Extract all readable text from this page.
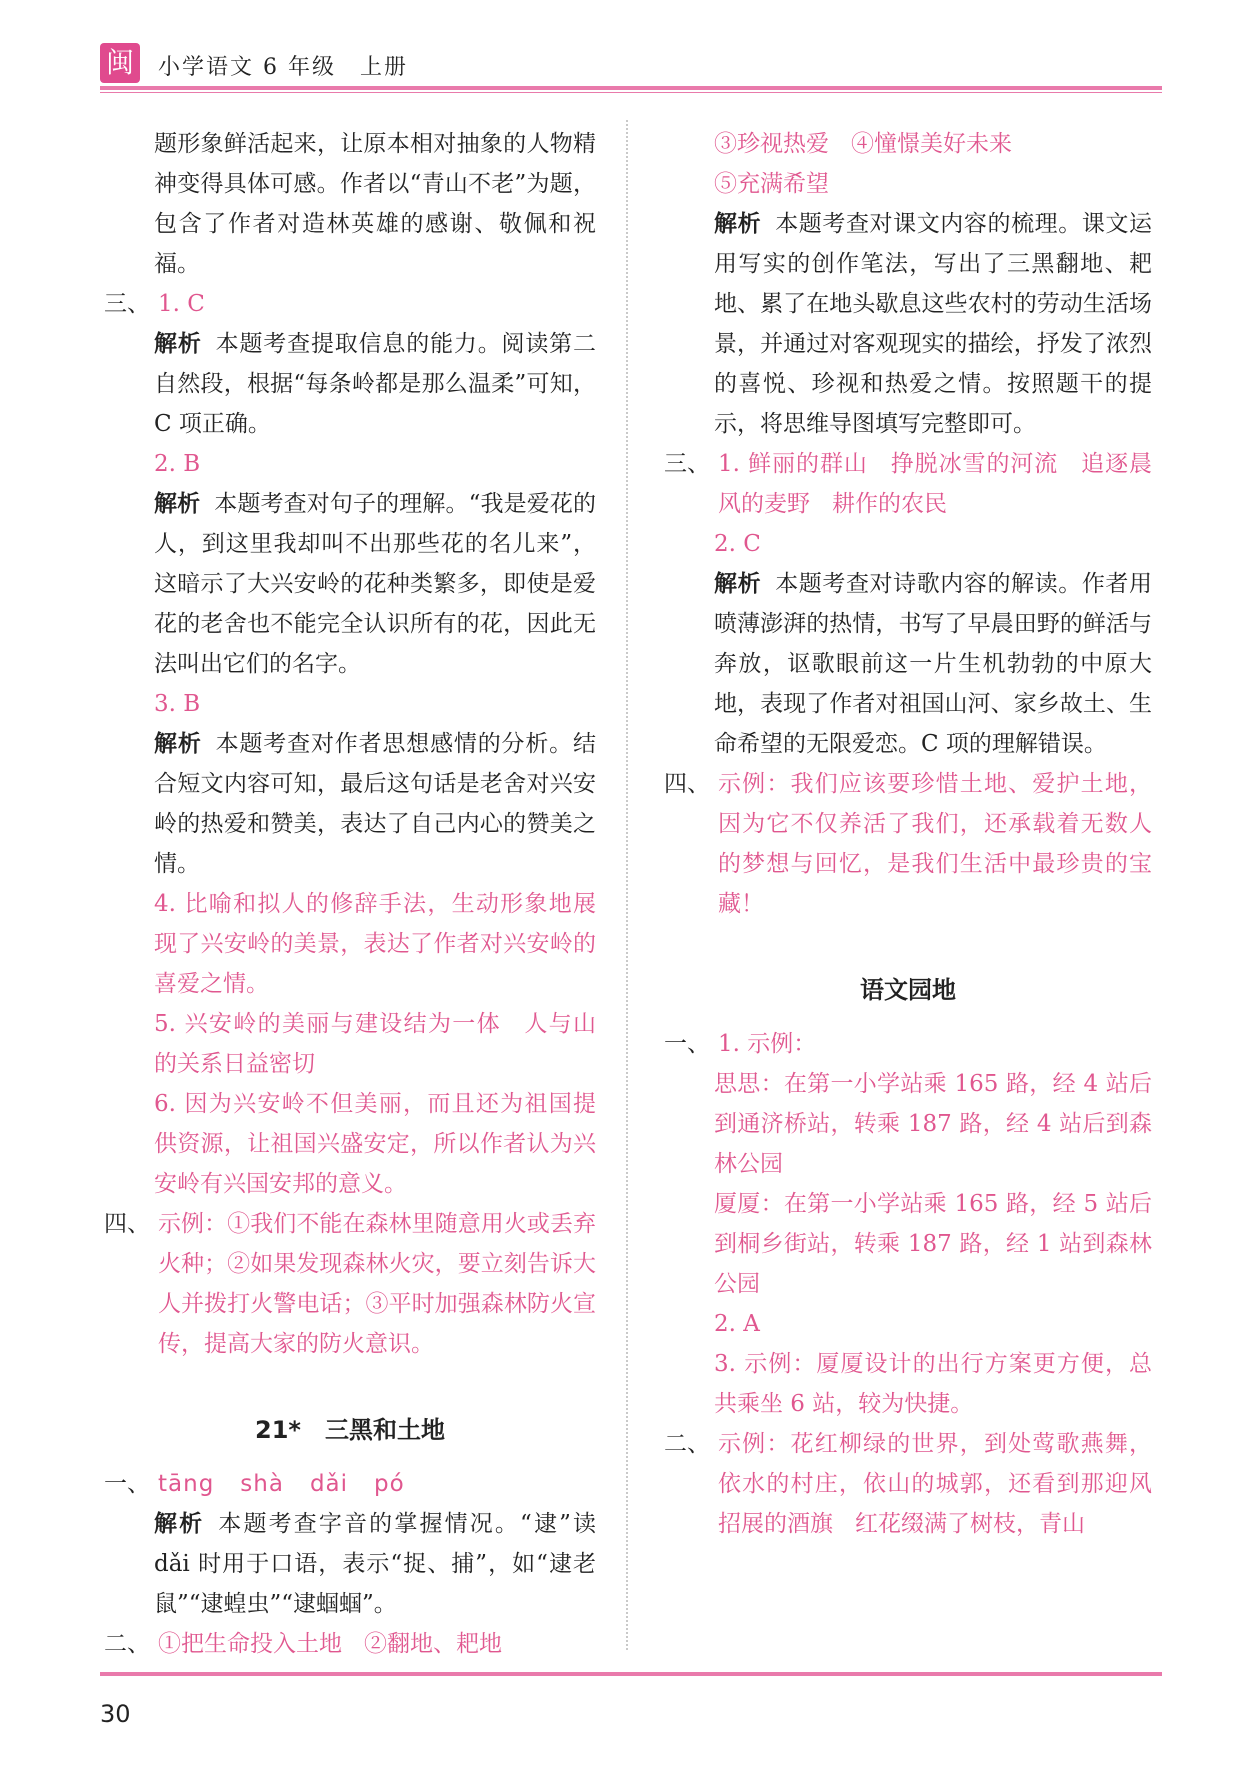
闽 小学语文 6 年级　上册
题形象鲜活起来，让原本相对抽象的人物精神变得具体可感。作者以“青山不老”为题，包含了作者对造林英雄的感谢、敬佩和祝福。
三、 1. C
解析 本题考查提取信息的能力。阅读第二自然段，根据“每条岭都是那么温柔”可知，C 项正确。
2. B
解析 本题考查对句子的理解。“我是爱花的人，到这里我却叫不出那些花的名儿来”，这暗示了大兴安岭的花种类繁多，即使是爱花的老舍也不能完全认识所有的花，因此无法叫出它们的名字。
3. B
解析 本题考查对作者思想感情的分析。结合短文内容可知，最后这句话是老舍对兴安岭的热爱和赞美，表达了自己内心的赞美之情。
4. 比喻和拟人的修辞手法，生动形象地展现了兴安岭的美景，表达了作者对兴安岭的喜爱之情。
5. 兴安岭的美丽与建设结为一体 人与山的关系日益密切
6. 因为兴安岭不但美丽，而且还为祖国提供资源，让祖国兴盛安定，所以作者认为兴安岭有兴国安邦的意义。
四、 示例：①我们不能在森林里随意用火或丢弃火种；②如果发现森林火灾，要立刻告诉大人并拨打火警电话；③平时加强森林防火宣传，提高大家的防火意识。
21*　三黑和土地
一、 tāng shà dǎi pó
解析 本题考查字音的掌握情况。“逮”读 dǎi 时用于口语，表示“捉、捕”，如“逮老鼠”“逮蝗虫”“逮蝈蝈”。
二、 ①把生命投入土地 ②翻地、耙地
③珍视热爱 ④憧憬美好未来
⑤充满希望
解析 本题考查对课文内容的梳理。课文运用写实的创作笔法，写出了三黑翻地、耙地、累了在地头歇息这些农村的劳动生活场景，并通过对客观现实的描绘，抒发了浓烈的喜悦、珍视和热爱之情。按照题干的提示，将思维导图填写完整即可。
三、 1. 鲜丽的群山 挣脱冰雪的河流 追逐晨风的麦野 耕作的农民
2. C
解析 本题考查对诗歌内容的解读。作者用喷薄澎湃的热情，书写了早晨田野的鲜活与奔放，讴歌眼前这一片生机勃勃的中原大地，表现了作者对祖国山河、家乡故土、生命希望的无限爱恋。C 项的理解错误。
四、 示例：我们应该要珍惜土地、爱护土地，因为它不仅养活了我们，还承载着无数人的梦想与回忆，是我们生活中最珍贵的宝藏！
语文园地
一、 1. 示例：
思思：在第一小学站乘 165 路，经 4 站后到通济桥站，转乘 187 路，经 4 站后到森林公园
厦厦：在第一小学站乘 165 路，经 5 站后到桐乡街站，转乘 187 路，经 1 站到森林公园
2. A
3. 示例：厦厦设计的出行方案更方便，总共乘坐 6 站，较为快捷。
二、 示例：花红柳绿的世界，到处莺歌燕舞，依水的村庄，依山的城郭，还看到那迎风招展的酒旗 红花缀满了树枝，青山
30
